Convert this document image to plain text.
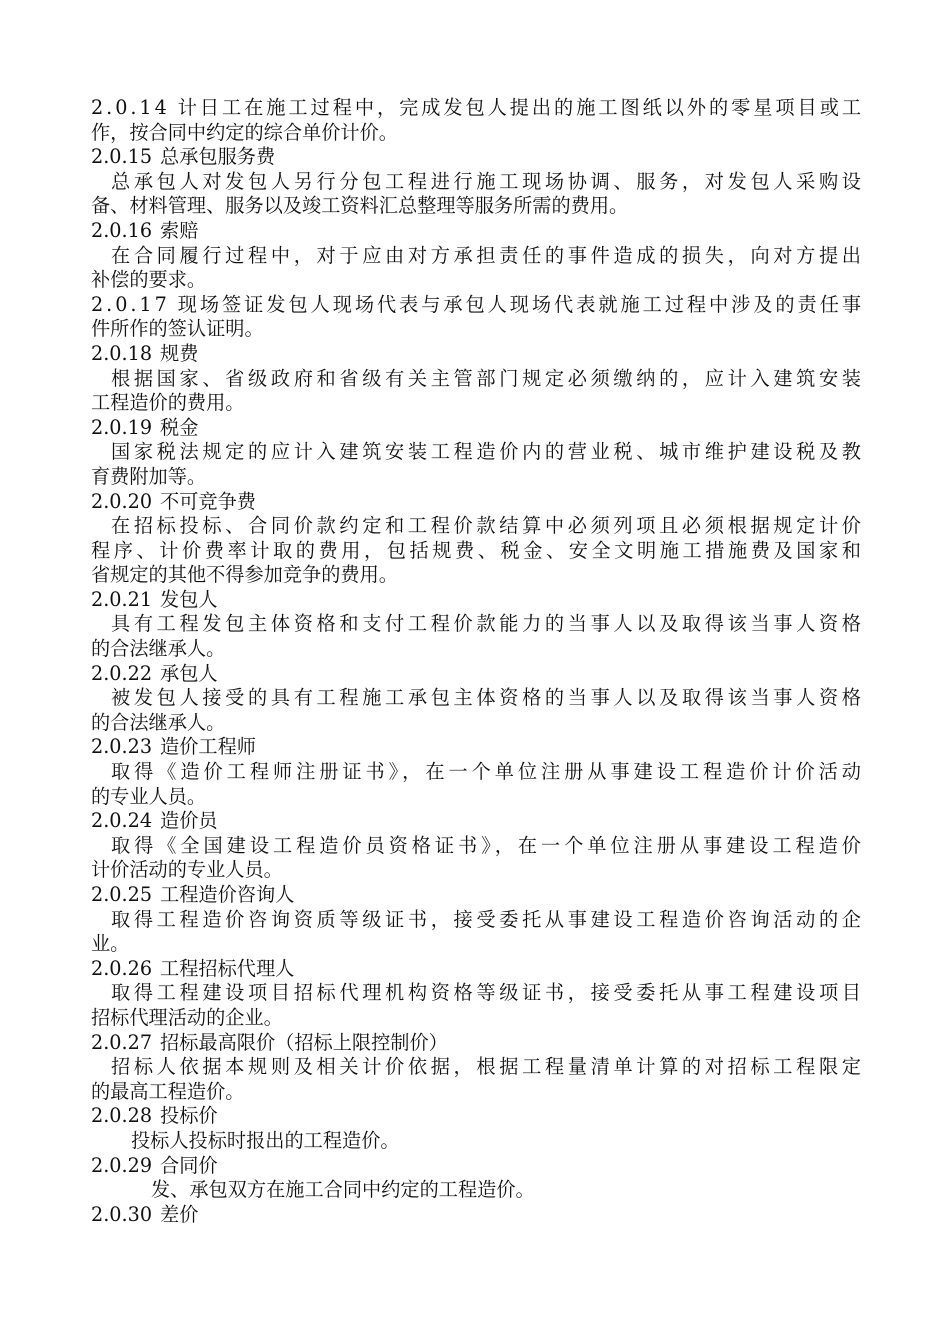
2.0.14 计日工在施工过程中，完成发包人提出的施工图纸以外的零星项目或工
作，按合同中约定的综合单价计价。
2.0.15 总承包服务费
总承包人对发包人另行分包工程进行施工现场协调、服务，对发包人采购设
备、材料管理、服务以及竣工资料汇总整理等服务所需的费用。
2.0.16 索赔
在合同履行过程中，对于应由对方承担责任的事件造成的损失，向对方提出
补偿的要求。
2.0.17 现场签证发包人现场代表与承包人现场代表就施工过程中涉及的责任事
件所作的签认证明。
2.0.18 规费
根据国家、省级政府和省级有关主管部门规定必须缴纳的，应计入建筑安装
工程造价的费用。
2.0.19 税金
国家税法规定的应计入建筑安装工程造价内的营业税、城市维护建设税及教
育费附加等。
2.0.20 不可竞争费
在招标投标、合同价款约定和工程价款结算中必须列项且必须根据规定计价
程序、计价费率计取的费用，包括规费、税金、安全文明施工措施费及国家和
省规定的其他不得参加竞争的费用。
2.0.21 发包人
具有工程发包主体资格和支付工程价款能力的当事人以及取得该当事人资格
的合法继承人。
2.0.22 承包人
被发包人接受的具有工程施工承包主体资格的当事人以及取得该当事人资格
的合法继承人。
2.0.23 造价工程师
取得《造价工程师注册证书》，在一个单位注册从事建设工程造价计价活动
的专业人员。
2.0.24 造价员
取得《全国建设工程造价员资格证书》，在一个单位注册从事建设工程造价
计价活动的专业人员。
2.0.25 工程造价咨询人
取得工程造价咨询资质等级证书，接受委托从事建设工程造价咨询活动的企
业。
2.0.26 工程招标代理人
取得工程建设项目招标代理机构资格等级证书，接受委托从事工程建设项目
招标代理活动的企业。
2.0.27 招标最高限价（招标上限控制价）
招标人依据本规则及相关计价依据，根据工程量清单计算的对招标工程限定
的最高工程造价。
2.0.28 投标价
投标人投标时报出的工程造价。
2.0.29 合同价
发、承包双方在施工合同中约定的工程造价。
2.0.30 差价
